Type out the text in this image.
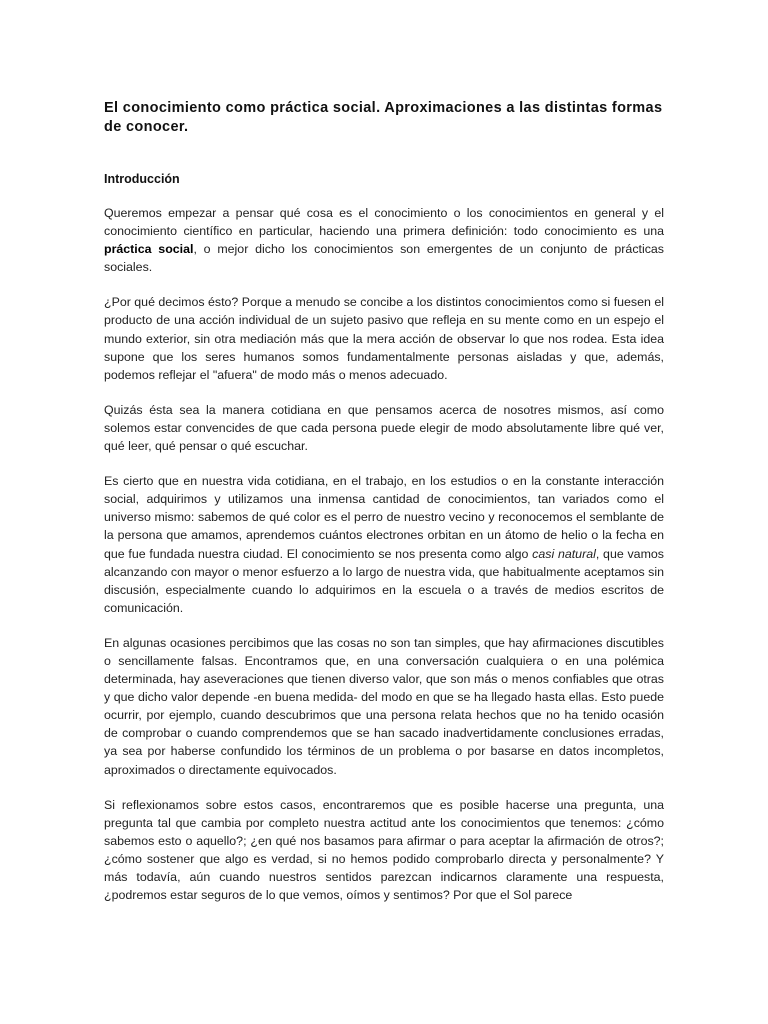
El conocimiento como práctica social. Aproximaciones a las distintas formas de conocer.
Introducción

Queremos empezar a pensar qué cosa es el conocimiento o los conocimientos en general y el conocimiento científico en particular, haciendo una primera definición: todo conocimiento es una práctica social, o mejor dicho los conocimientos son emergentes de un conjunto de prácticas sociales.

¿Por qué decimos ésto? Porque a menudo se concibe a los distintos conocimientos como si fuesen el producto de una acción individual de un sujeto pasivo que refleja en su mente como en un espejo el mundo exterior, sin otra mediación más que la mera acción de observar lo que nos rodea. Esta idea supone que los seres humanos somos fundamentalmente personas aisladas y que, además, podemos reflejar el "afuera" de modo más o menos adecuado.

Quizás ésta sea la manera cotidiana en que pensamos acerca de nosotres mismos, así como solemos estar convencides de que cada persona puede elegir de modo absolutamente libre qué ver, qué leer, qué pensar o qué escuchar.

Es cierto que en nuestra vida cotidiana, en el trabajo, en los estudios o en la constante interacción social, adquirimos y utilizamos una inmensa cantidad de conocimientos, tan variados como el universo mismo: sabemos de qué color es el perro de nuestro vecino y reconocemos el semblante de la persona que amamos, aprendemos cuántos electrones orbitan en un átomo de helio o la fecha en que fue fundada nuestra ciudad. El conocimiento se nos presenta como algo casi natural, que vamos alcanzando con mayor o menor esfuerzo a lo largo de nuestra vida, que habitualmente aceptamos sin discusión, especialmente cuando lo adquirimos en la escuela o a través de medios escritos de comunicación.

En algunas ocasiones percibimos que las cosas no son tan simples, que hay afirmaciones discutibles o sencillamente falsas. Encontramos que, en una conversación cualquiera o en una polémica determinada, hay aseveraciones que tienen diverso valor, que son más o menos confiables que otras y que dicho valor depende -en buena medida- del modo en que se ha llegado hasta ellas. Esto puede ocurrir, por ejemplo, cuando descubrimos que una persona relata hechos que no ha tenido ocasión de comprobar o cuando comprendemos que se han sacado inadvertidamente conclusiones erradas, ya sea por haberse confundido los términos de un problema o por basarse en datos incompletos, aproximados o directamente equivocados.

Si reflexionamos sobre estos casos, encontraremos que es posible hacerse una pregunta, una pregunta tal que cambia por completo nuestra actitud ante los conocimientos que tenemos: ¿cómo sabemos esto o aquello?; ¿en qué nos basamos para afirmar o para aceptar la afirmación de otros?; ¿cómo sostener que algo es verdad, si no hemos podido comprobarlo directa y personalmente? Y más todavía, aún cuando nuestros sentidos parezcan indicarnos claramente una respuesta, ¿podremos estar seguros de lo que vemos, oímos y sentimos? Por que el Sol parece
